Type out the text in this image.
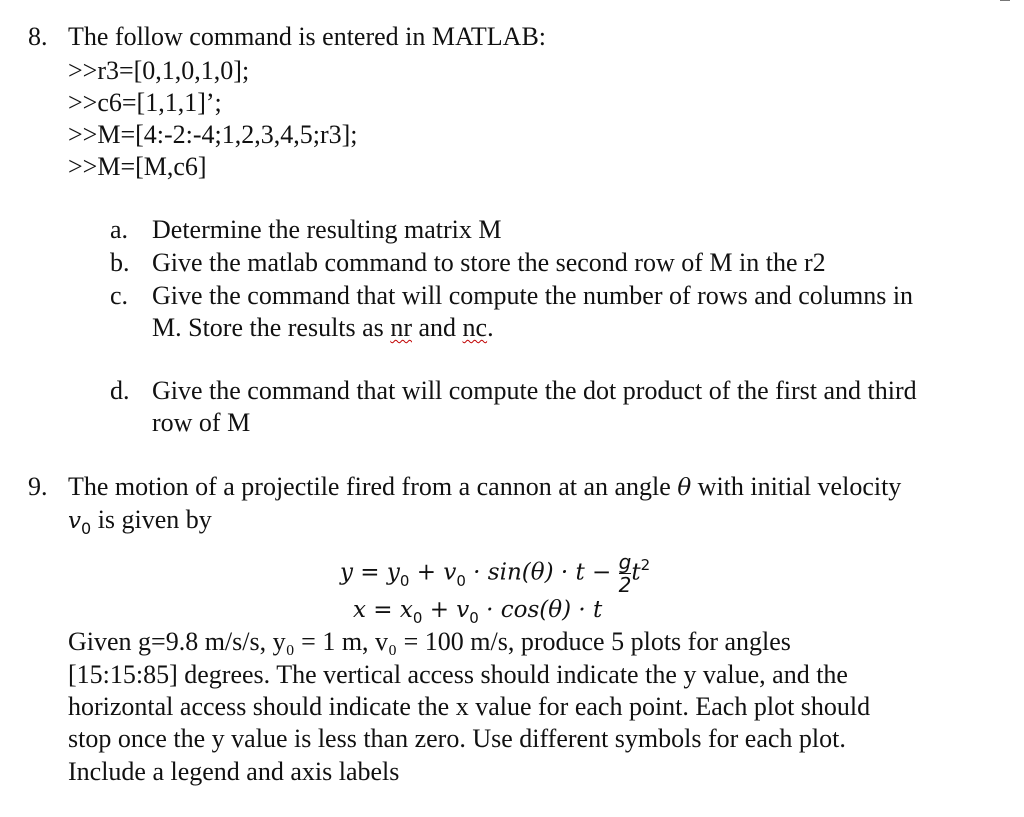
8. The follow command is entered in MATLAB:
>>r3=[0,1,0,1,0];
>>c6=[1,1,1]’;
>>M=[4:-2:-4;1,2,3,4,5;r3];
>>M=[M,c6]
a. Determine the resulting matrix M
b. Give the matlab command to store the second row of M in the r2
c. Give the command that will compute the number of rows and columns in
M. Store the results as nr and nc.
d. Give the command that will compute the dot product of the first and third
row of M
9. The motion of a projectile fired from a cannon at an angle θ with initial velocity
$v_0$ is given by
$y = y_0 + v_0 \cdot \sin(\theta) \cdot t - \frac{g}{2} t^2$
$x = x_0 + v_0 \cdot \cos(\theta) \cdot t$
Given g=9.8 m/s/s, y₀ = 1 m, v₀ = 100 m/s, produce 5 plots for angles
[15:15:85] degrees. The vertical access should indicate the y value, and the
horizontal access should indicate the x value for each point. Each plot should
stop once the y value is less than zero. Use different symbols for each plot.
Include a legend and axis labels
